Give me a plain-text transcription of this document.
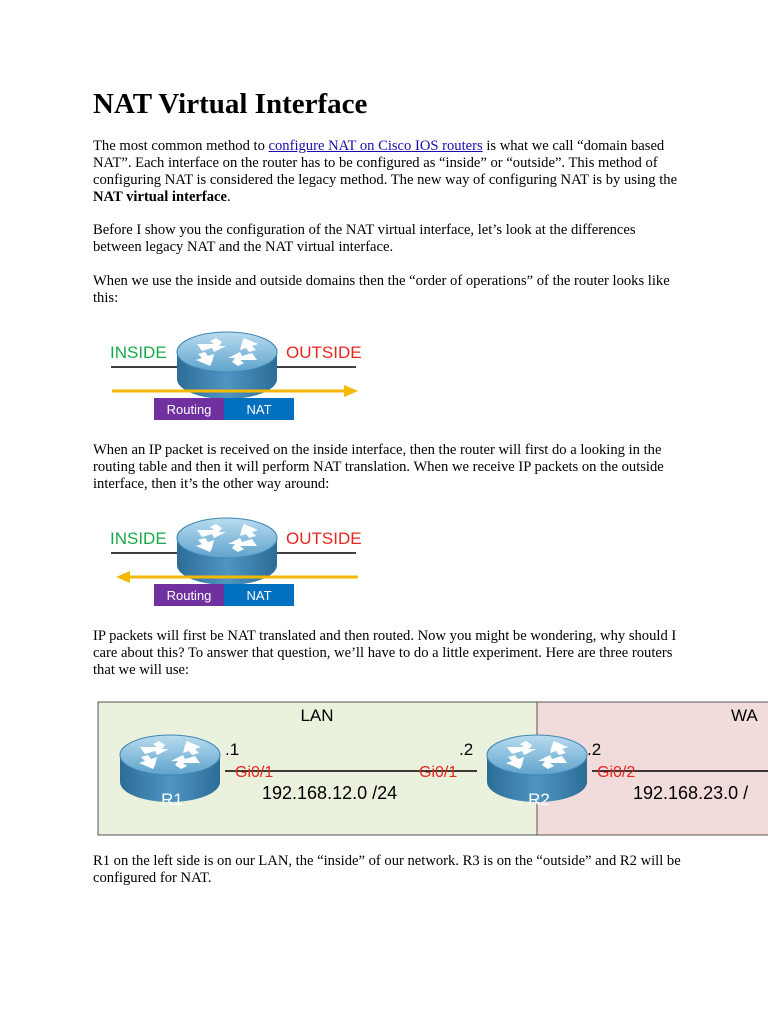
NAT Virtual Interface

The most common method to configure NAT on Cisco IOS routers is what we call “domain based NAT”. Each interface on the router has to be configured as “inside” or “outside”. This method of configuring NAT is considered the legacy method. The new way of configuring NAT is by using the NAT virtual interface.

Before I show you the configuration of the NAT virtual interface, let’s look at the differences between legacy NAT and the NAT virtual interface.

When we use the inside and outside domains then the “order of operations” of the router looks like this:

INSIDE	OUTSIDE
Routing	NAT

When an IP packet is received on the inside interface, then the router will first do a looking in the routing table and then it will perform NAT translation. When we receive IP packets on the outside interface, then it’s the other way around:

INSIDE	OUTSIDE
Routing	NAT

IP packets will first be NAT translated and then routed. Now you might be wondering, why should I care about this? To answer that question, we’ll have to do a little experiment. Here are three routers that we will use:

LAN	WA
R1	R2
.1	.2	.2
Gi0/1	Gi0/1	Gi0/2
192.168.12.0 /24	192.168.23.0 /

R1 on the left side is on our LAN, the “inside” of our network. R3 is on the “outside” and R2 will be configured for NAT.
